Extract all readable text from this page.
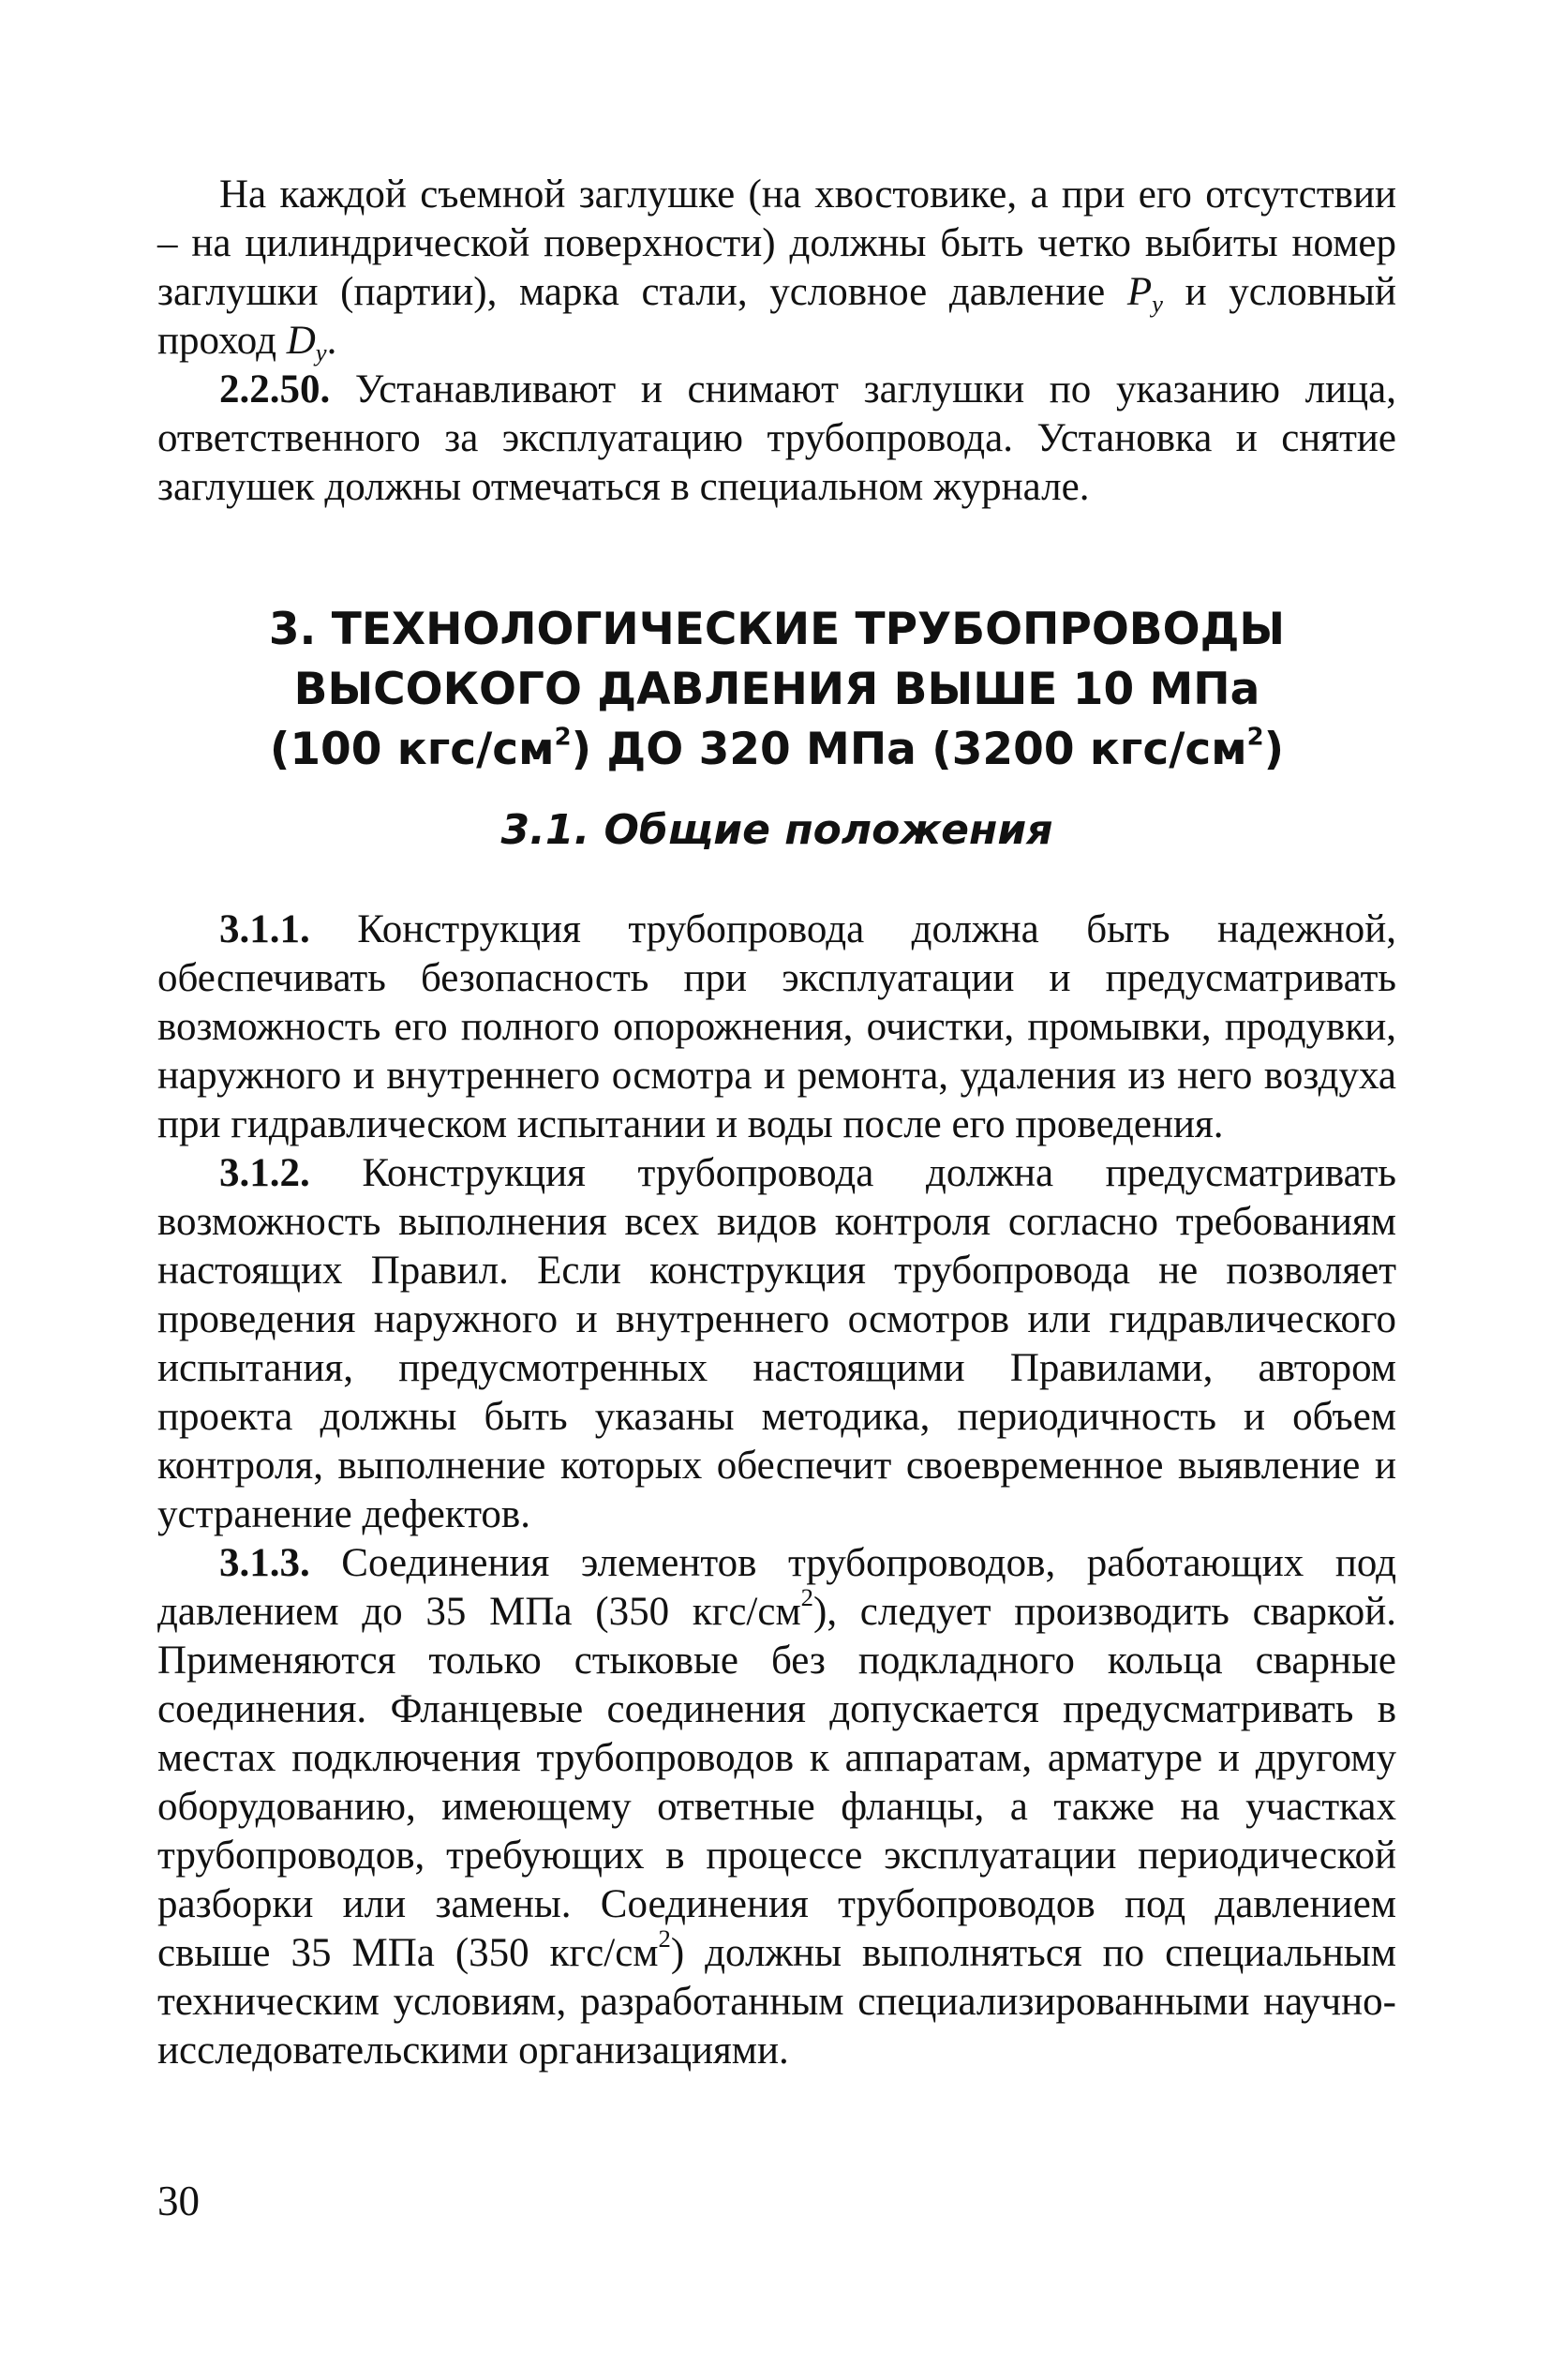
На каждой съемной заглушке (на хвостовике, а при его отсутствии – на цилиндрической поверхности) должны быть четко выбиты номер заглушки (партии), марка стали, условное давление $P_у$ и условный проход $D_у$.

2.2.50. Устанавливают и снимают заглушки по указанию лица, ответственного за эксплуатацию трубопровода. Установка и снятие заглушек должны отмечаться в специальном журнале.

3. ТЕХНОЛОГИЧЕСКИЕ ТРУБОПРОВОДЫ
ВЫСОКОГО ДАВЛЕНИЯ ВЫШЕ 10 МПа
(100 кгс/$см^2$) ДО 320 МПа (3200 кгс/$см^2$)
3.1. Общие положения

3.1.1. Конструкция трубопровода должна быть надежной, обеспечивать безопасность при эксплуатации и предусматривать возможность его полного опорожнения, очистки, промывки, продувки, наружного и внутреннего осмотра и ремонта, удаления из него воздуха при гидравлическом испытании и воды после его проведения.

3.1.2. Конструкция трубопровода должна предусматривать возможность выполнения всех видов контроля согласно требованиям настоящих Правил. Если конструкция трубопровода не позволяет проведения наружного и внутреннего осмотров или гидравлического испытания, предусмотренных настоящими Правилами, автором проекта должны быть указаны методика, периодичность и объем контроля, выполнение которых обеспечит своевременное выявление и устранение дефектов.

3.1.3. Соединения элементов трубопроводов, работающих под давлением до 35 МПа (350 кгс/$см^2$), следует производить сваркой. Применяются только стыковые без подкладного кольца сварные соединения. Фланцевые соединения допускается предусматривать в местах подключения трубопроводов к аппаратам, арматуре и другому оборудованию, имеющему ответные фланцы, а также на участках трубопроводов, требующих в процессе эксплуатации периодической разборки или замены. Соединения трубопроводов под давлением свыше 35 МПа (350 кгс/$см^2$) должны выполняться по специальным техническим условиям, разработанным специализированными научно-исследовательскими организациями.

30
